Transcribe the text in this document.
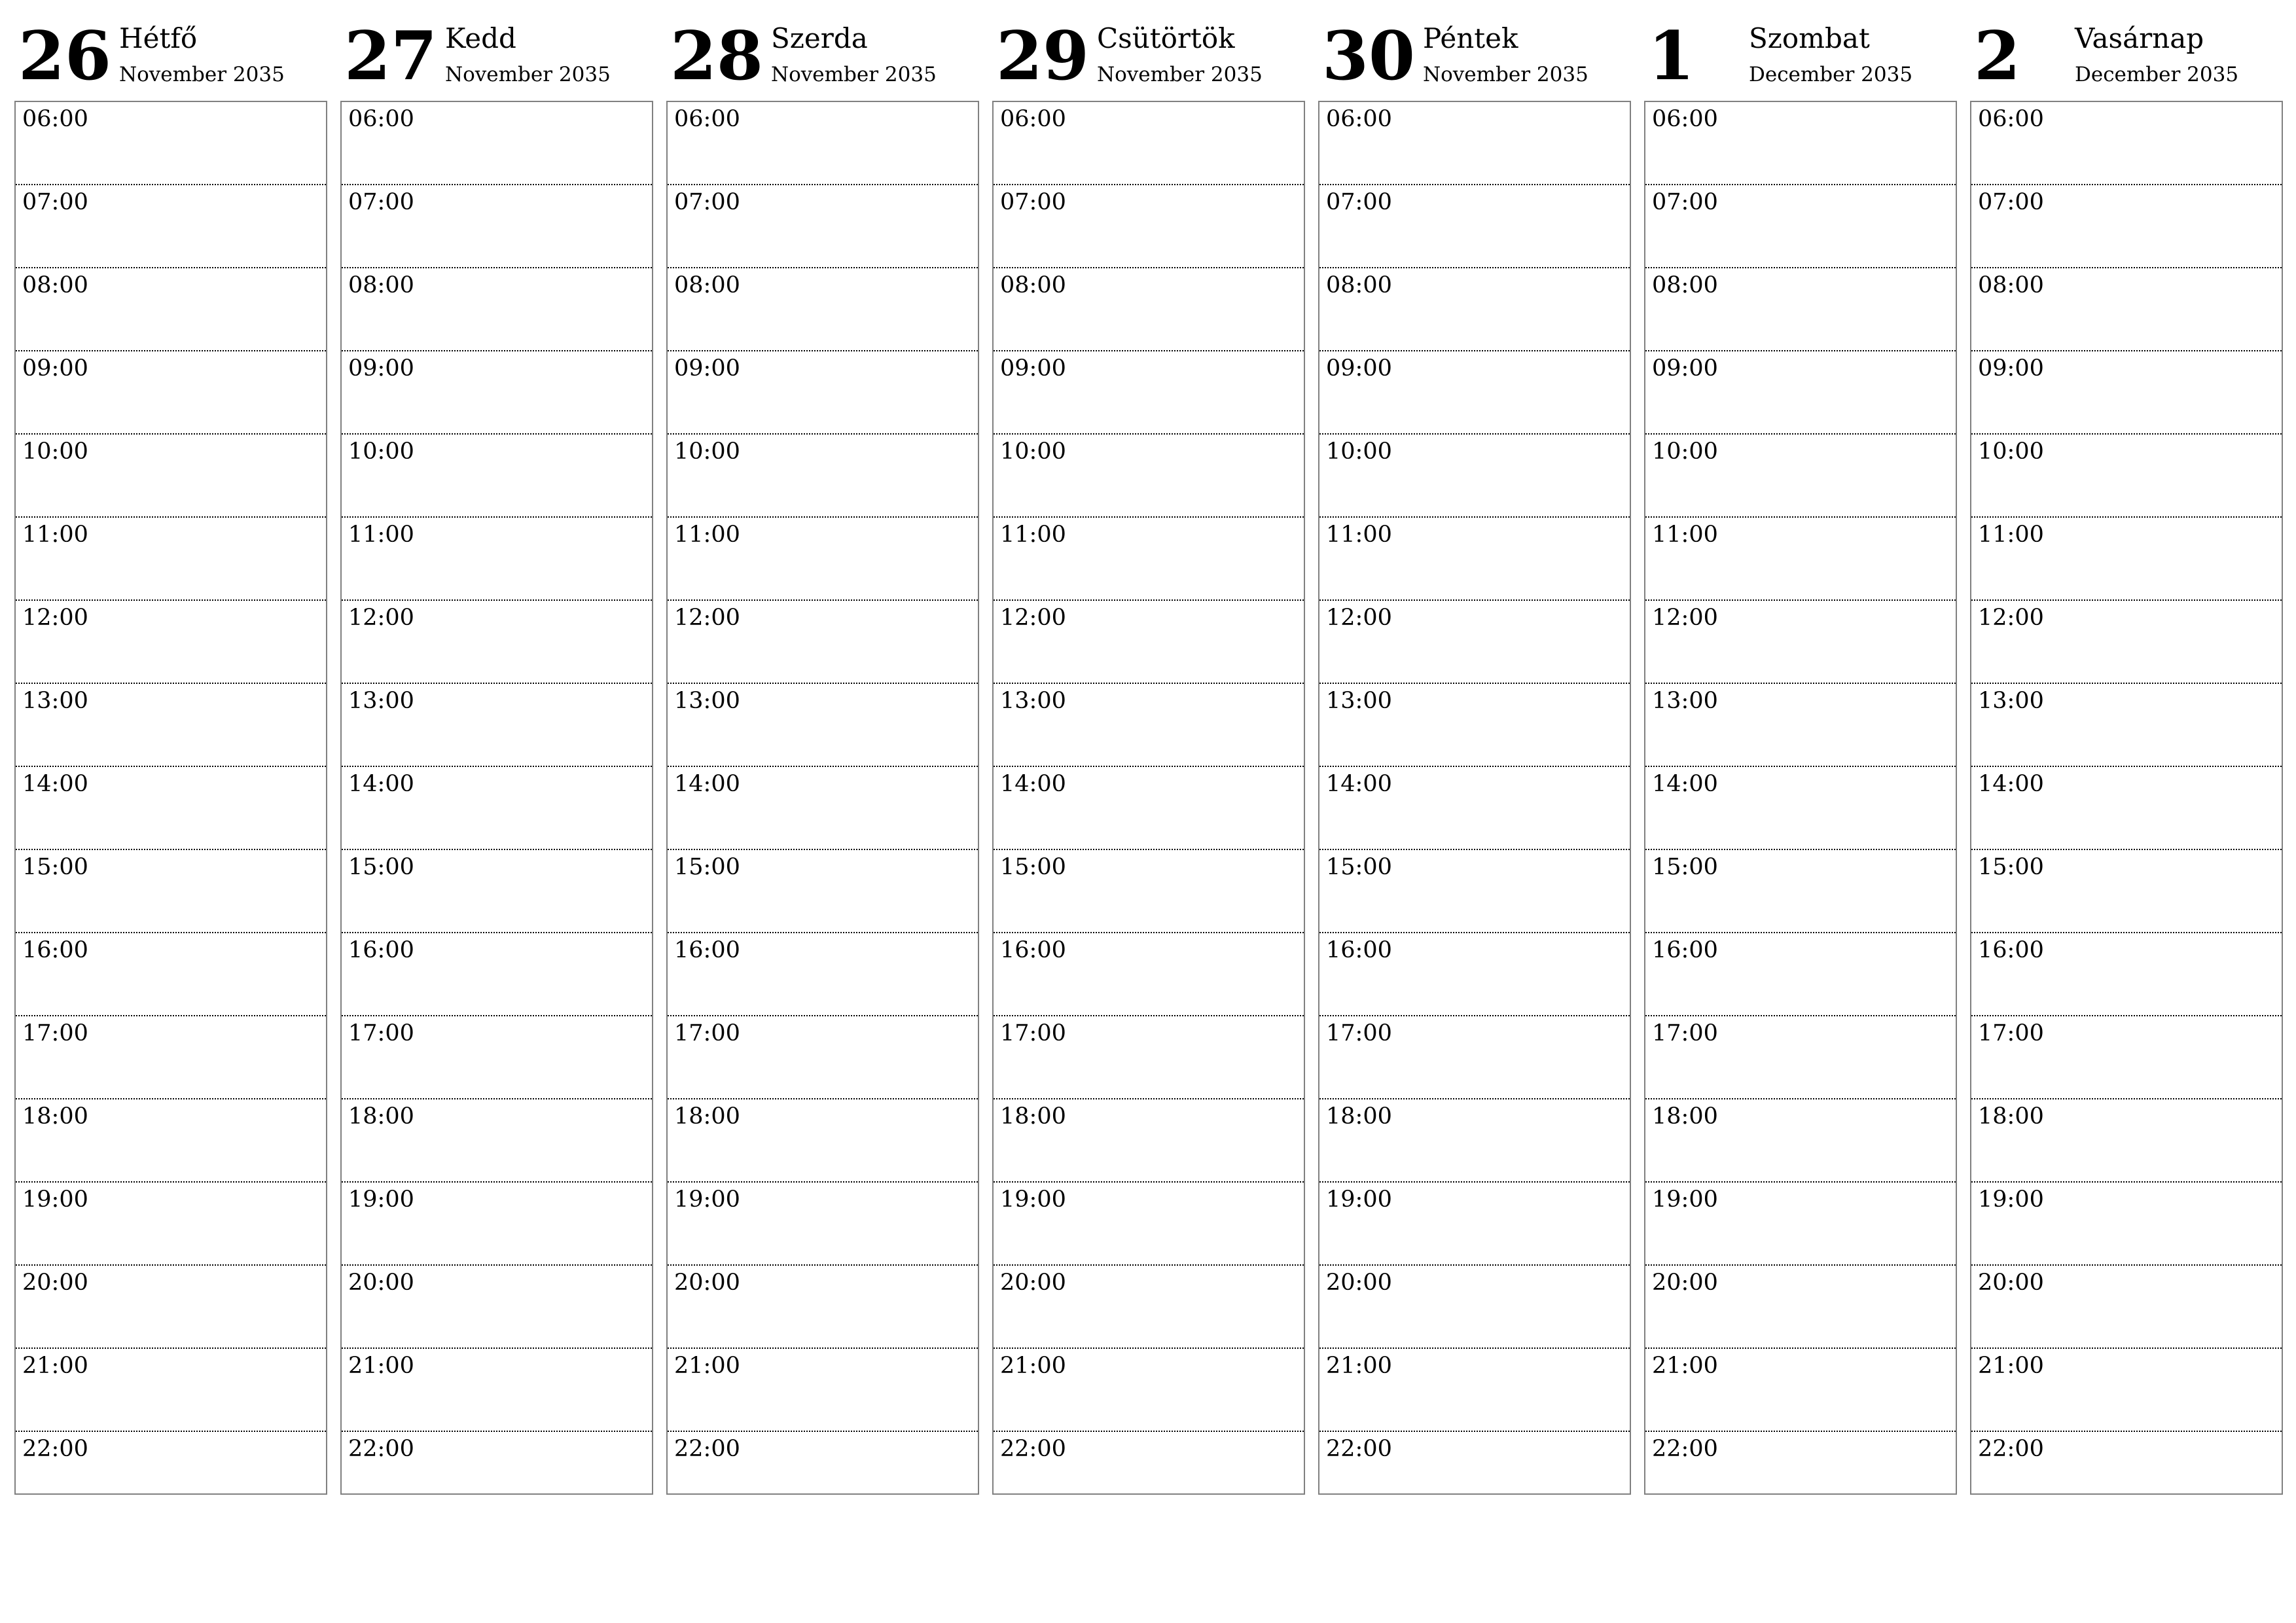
26 Hétfő
November 2035
06:00
07:00
08:00
09:00
10:00
11:00
12:00
13:00
14:00
15:00
16:00
17:00
18:00
19:00
20:00
21:00
22:00
27 Kedd
November 2035
06:00
07:00
08:00
09:00
10:00
11:00
12:00
13:00
14:00
15:00
16:00
17:00
18:00
19:00
20:00
21:00
22:00
28 Szerda
November 2035
06:00
07:00
08:00
09:00
10:00
11:00
12:00
13:00
14:00
15:00
16:00
17:00
18:00
19:00
20:00
21:00
22:00
29 Csütörtök
November 2035
06:00
07:00
08:00
09:00
10:00
11:00
12:00
13:00
14:00
15:00
16:00
17:00
18:00
19:00
20:00
21:00
22:00
30 Péntek
November 2035
06:00
07:00
08:00
09:00
10:00
11:00
12:00
13:00
14:00
15:00
16:00
17:00
18:00
19:00
20:00
21:00
22:00
1 Szombat
December 2035
06:00
07:00
08:00
09:00
10:00
11:00
12:00
13:00
14:00
15:00
16:00
17:00
18:00
19:00
20:00
21:00
22:00
2 Vasárnap
December 2035
06:00
07:00
08:00
09:00
10:00
11:00
12:00
13:00
14:00
15:00
16:00
17:00
18:00
19:00
20:00
21:00
22:00
